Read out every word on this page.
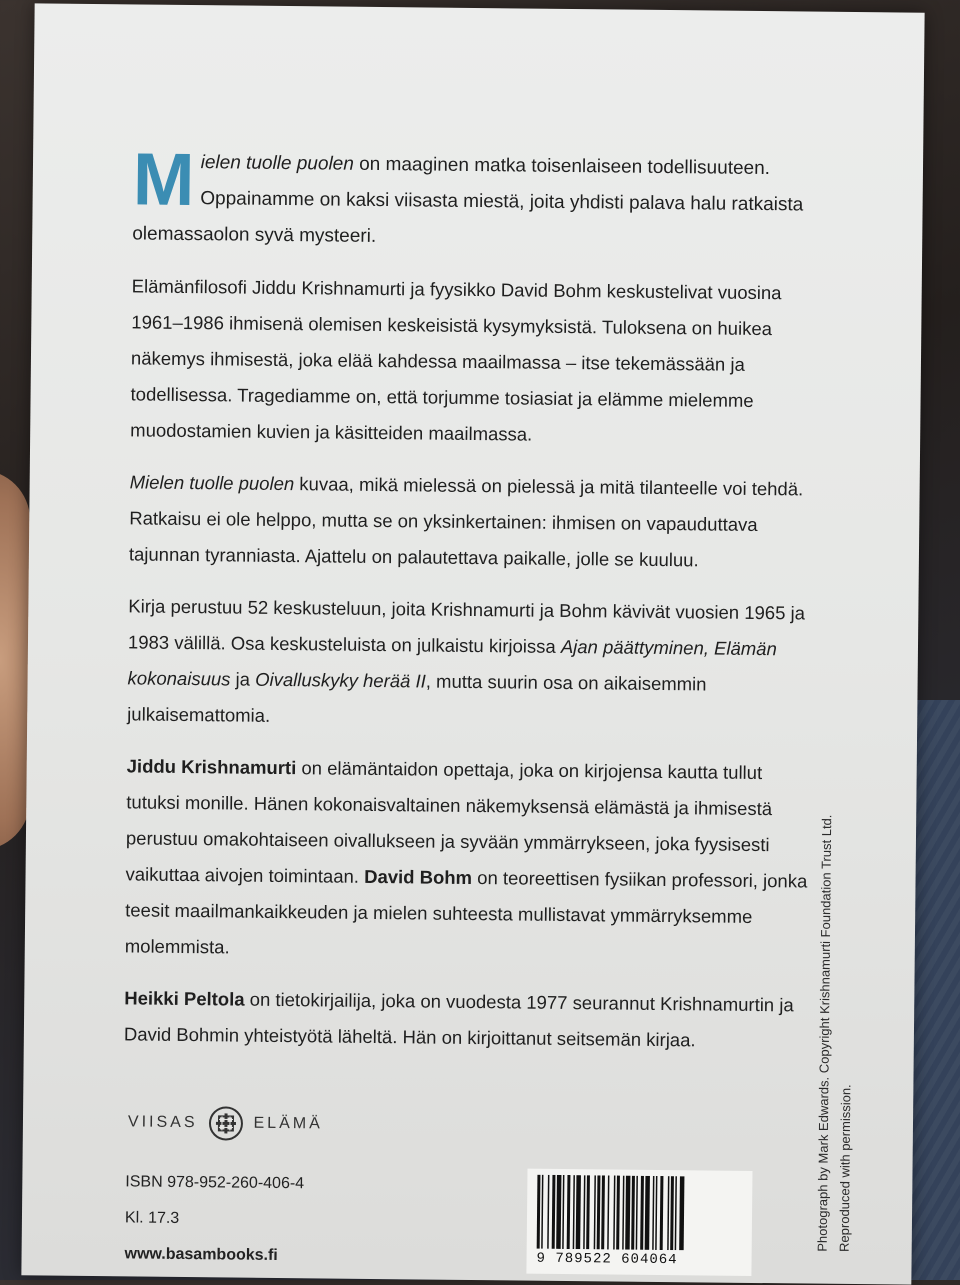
Mielen tuolle puolen on maaginen matka toisenlaiseen todellisuuteen. Oppainamme on kaksi viisasta miestä, joita yhdisti palava halu ratkaista olemassaolon syvä mysteeri.

Elämänfilosofi Jiddu Krishnamurti ja fyysikko David Bohm keskustelivat vuosina 1961–1986 ihmisenä olemisen keskeisistä kysymyksistä. Tuloksena on huikea näkemys ihmisestä, joka elää kahdessa maailmassa – itse tekemässään ja todellisessa. Tragediamme on, että torjumme tosiasiat ja elämme mielemme muodostamien kuvien ja käsitteiden maailmassa.

Mielen tuolle puolen kuvaa, mikä mielessä on pielessä ja mitä tilanteelle voi tehdä. Ratkaisu ei ole helppo, mutta se on yksinkertainen: ihmisen on vapauduttava tajunnan tyranniasta. Ajattelu on palautettava paikalle, jolle se kuuluu.

Kirja perustuu 52 keskusteluun, joita Krishnamurti ja Bohm kävivät vuosien 1965 ja 1983 välillä. Osa keskusteluista on julkaistu kirjoissa Ajan päättyminen, Elämän kokonaisuus ja Oivalluskyky herää II, mutta suurin osa on aikaisemmin julkaisemattomia.

Jiddu Krishnamurti on elämäntaidon opettaja, joka on kirjojensa kautta tullut tutuksi monille. Hänen kokonaisvaltainen näkemyksensä elämästä ja ihmisestä perustuu omakohtaiseen oivallukseen ja syvään ymmärrykseen, joka fyysisesti vaikuttaa aivojen toimintaan. David Bohm on teoreettisen fysiikan professori, jonka teesit maailmankaikkeuden ja mielen suhteesta mullistavat ymmärryksemme molemmista.

Heikki Peltola on tietokirjailija, joka on vuodesta 1977 seurannut Krishnamurtin ja David Bohmin yhteistyötä läheltä. Hän on kirjoittanut seitsemän kirjaa.

VIISAS	ELÄMÄ
ISBN 978-952-260-406-4
Kl. 17.3
www.basambooks.fi	9 789522 604064
Photograph by Mark Edwards. Copyright Krishnamurti Foundation Trust Ltd. Reproduced with permission.
